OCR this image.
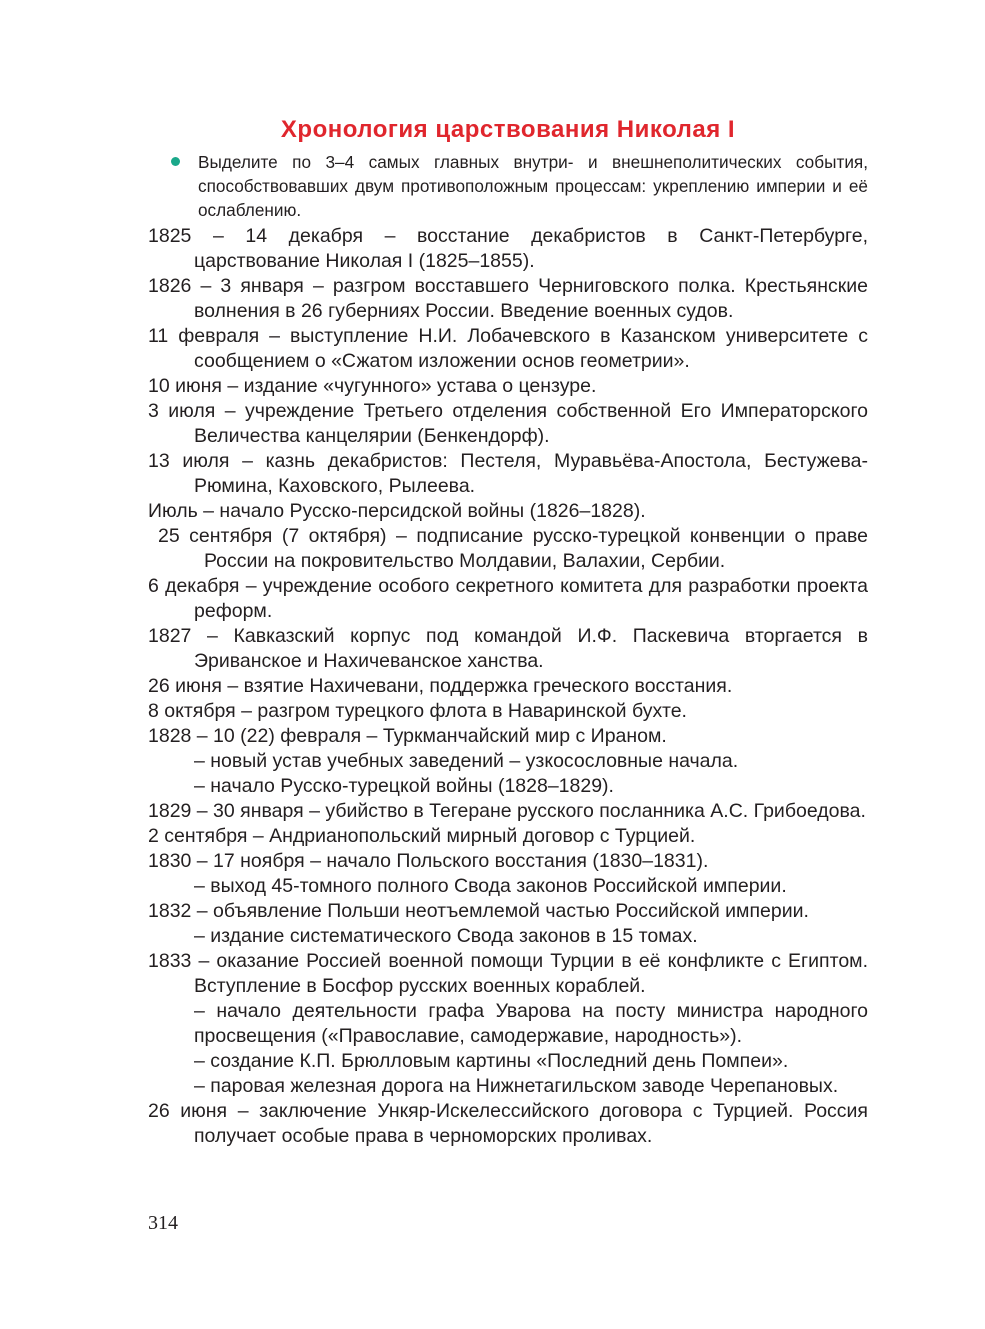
Хронология царствования Николая I
Выделите по 3–4 самых главных внутри- и внешнеполитических события, способствовавших двум противоположным процессам: укреплению империи и её ослаблению.

1825 – 14 декабря – восстание декабристов в Санкт-Петербурге, царствование Николая I (1825–1855).

1826 – 3 января – разгром восставшего Черниговского полка. Крестьянские волнения в 26 губерниях России. Введение военных судов.

11 февраля – выступление Н.И. Лобачевского в Казанском университете с сообщением о «Сжатом изложении основ геометрии».

10 июня – издание «чугунного» устава о цензуре.

3 июля – учреждение Третьего отделения собственной Его Императорского Величества канцелярии (Бенкендорф).

13 июля – казнь декабристов: Пестеля, Муравьёва-Апостола, Бестужева-Рюмина, Каховского, Рылеева.

Июль – начало Русско-персидской войны (1826–1828).

25 сентября (7 октября) – подписание русско-турецкой конвенции о праве России на покровительство Молдавии, Валахии, Сербии.

6 декабря – учреждение особого секретного комитета для разработки проекта реформ.

1827 – Кавказский корпус под командой И.Ф. Паскевича вторгается в Эриванское и Нахичеванское ханства.

26 июня – взятие Нахичевани, поддержка греческого восстания.

8 октября – разгром турецкого флота в Наваринской бухте.

1828 – 10 (22) февраля – Туркманчайский мир с Ираном.

– новый устав учебных заведений – узкосословные начала.

– начало Русско-турецкой войны (1828–1829).

1829 – 30 января – убийство в Тегеране русского посланника А.С. Грибоедова.

2 сентября – Андрианопольский мирный договор с Турцией.

1830 – 17 ноября – начало Польского восстания (1830–1831).

– выход 45-томного полного Свода законов Российской империи.

1832 – объявление Польши неотъемлемой частью Российской империи.

– издание систематического Свода законов в 15 томах.

1833 – оказание Россией военной помощи Турции в её конфликте с Египтом. Вступление в Босфор русских военных кораблей.

– начало деятельности графа Уварова на посту министра народного просвещения («Православие, самодержавие, народность»).

– создание К.П. Брюлловым картины «Последний день Помпеи».

– паровая железная дорога на Нижнетагильском заводе Черепановых.

26 июня – заключение Ункяр-Искелессийского договора с Турцией. Россия получает особые права в черноморских проливах.

314
